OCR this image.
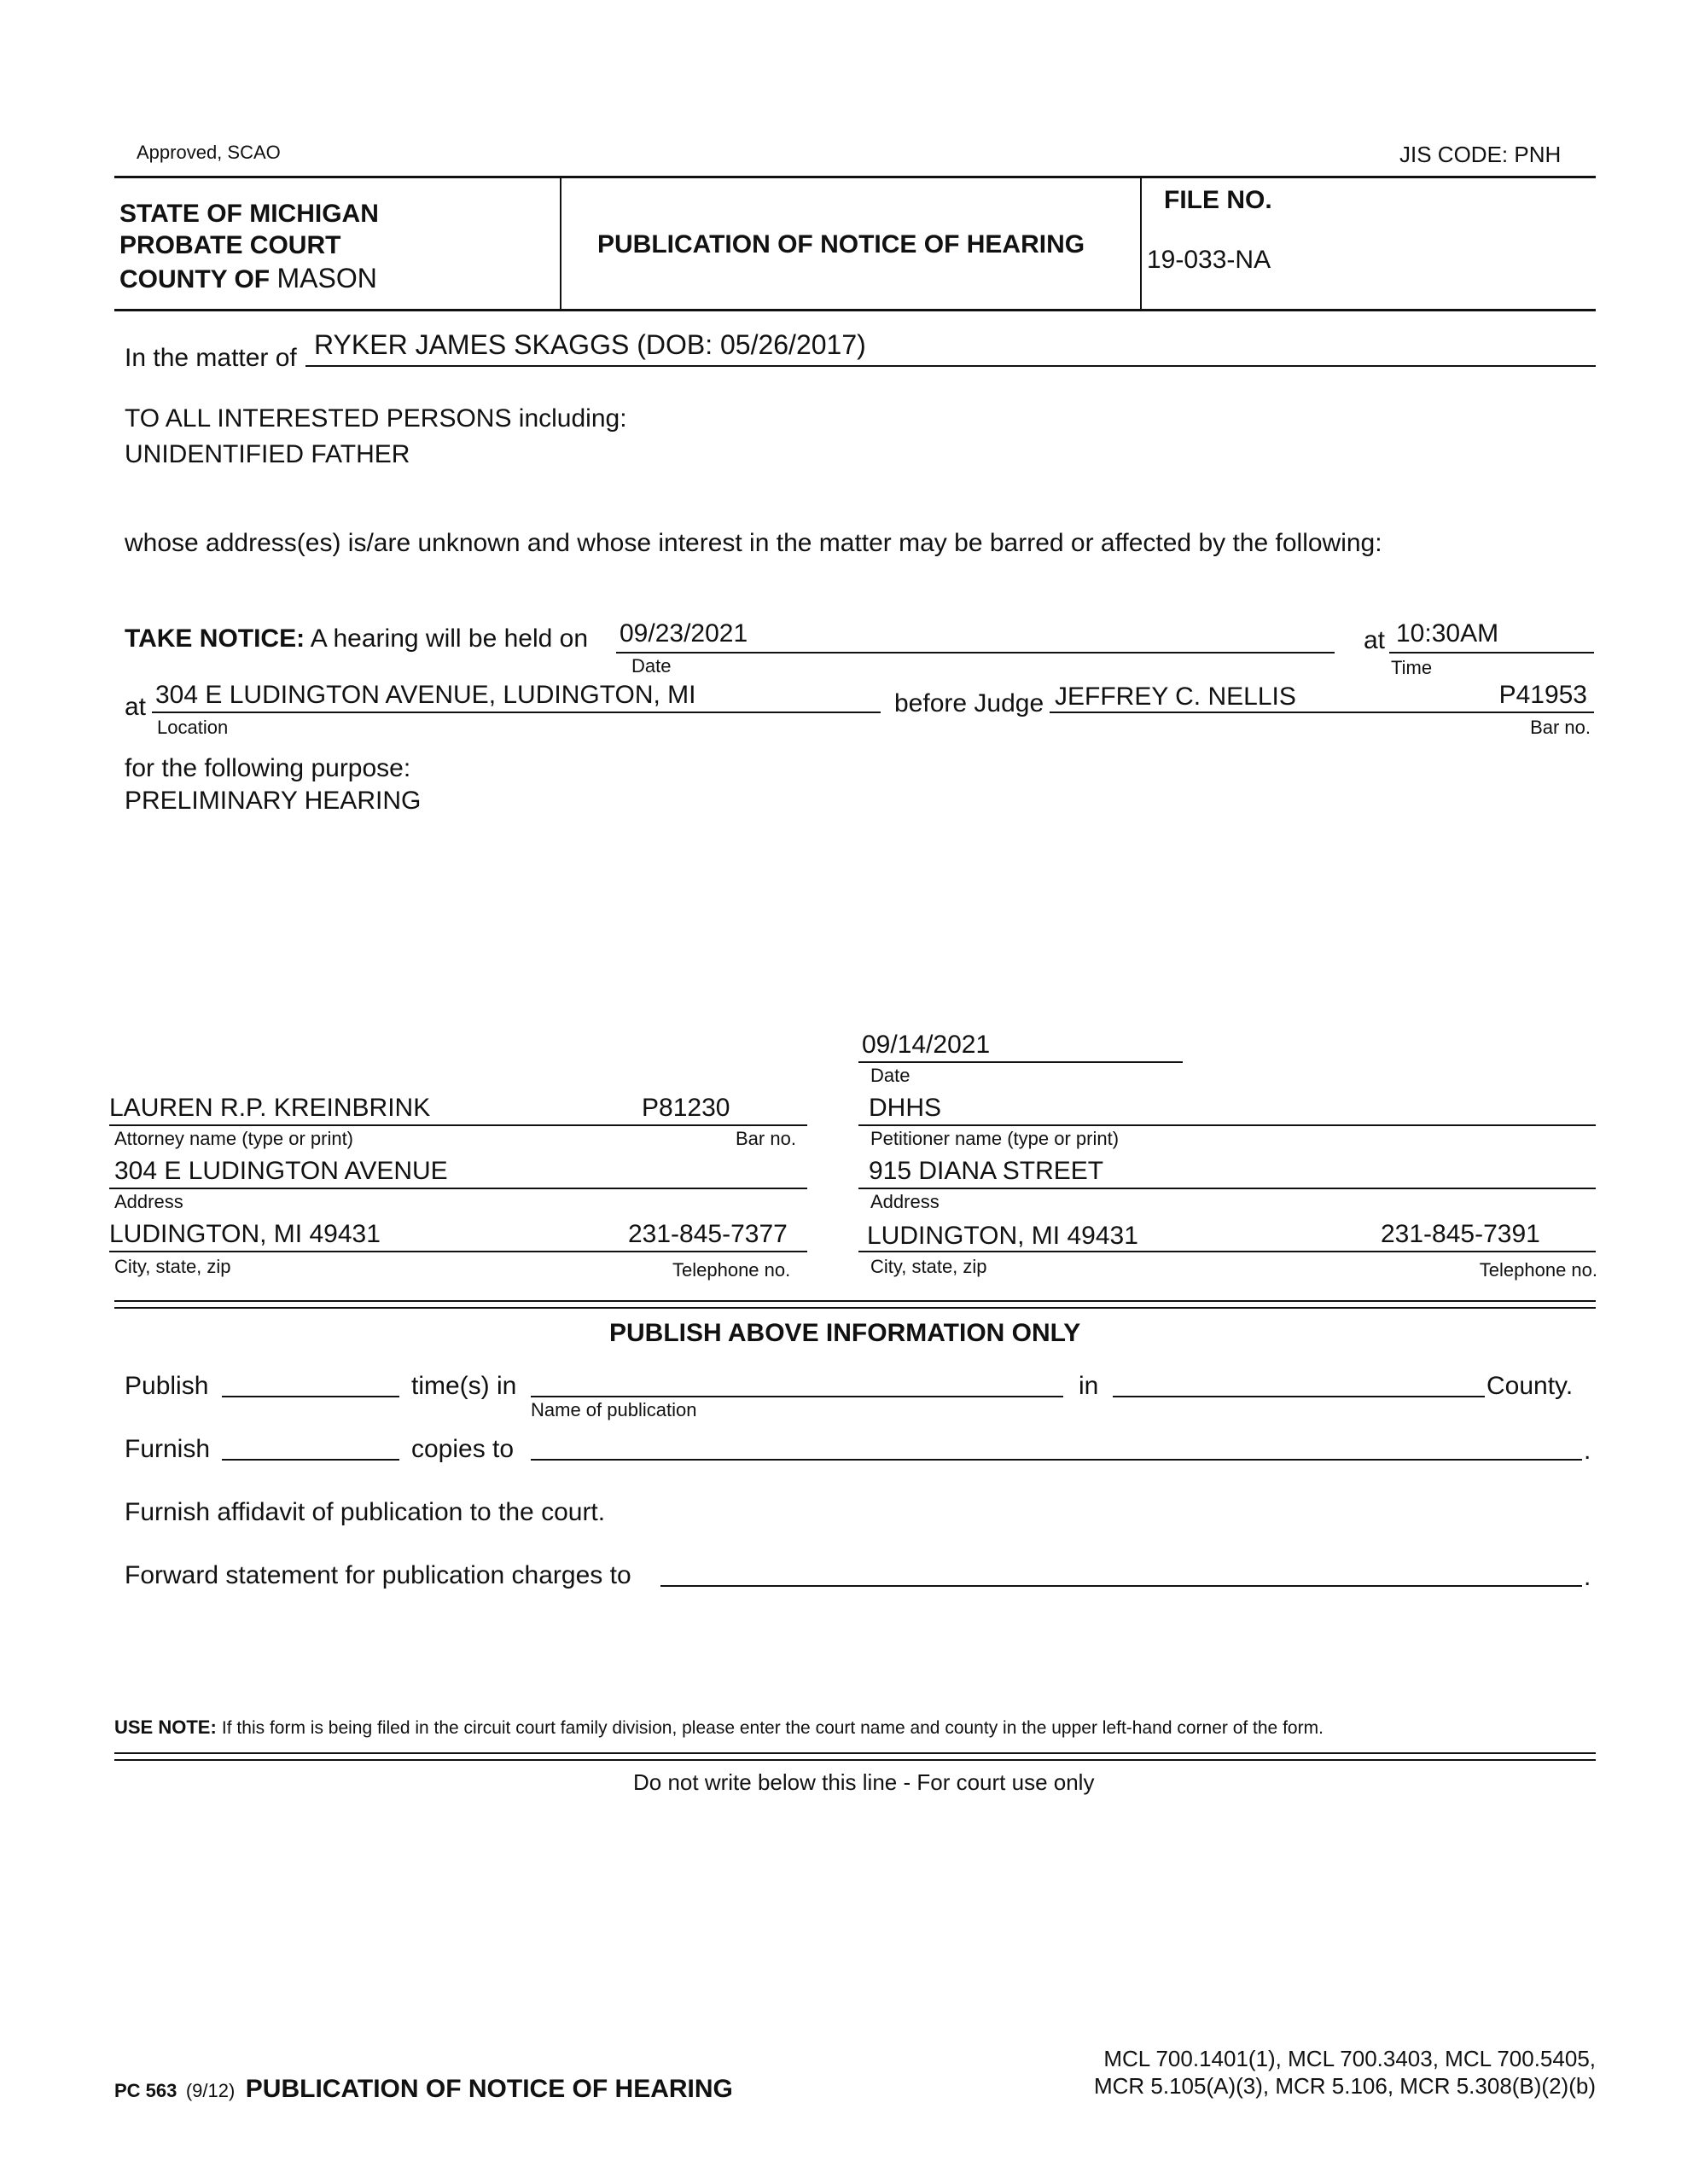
Approved, SCAO	JIS CODE: PNH
STATE OF MICHIGAN
PROBATE COURT
COUNTY OF MASON
PUBLICATION OF NOTICE OF HEARING
FILE NO.
19-033-NA
In the matter of RYKER JAMES SKAGGS (DOB: 05/26/2017)
TO ALL INTERESTED PERSONS including:
UNIDENTIFIED FATHER
whose address(es) is/are unknown and whose interest in the matter may be barred or affected by the following:
TAKE NOTICE: A hearing will be held on 09/23/2021
Date
at 10:30AM
Time
at 304 E LUDINGTON AVENUE, LUDINGTON, MI
Location
before Judge JEFFREY C. NELLIS	P41953
Bar no.
for the following purpose:
PRELIMINARY HEARING
09/14/2021
Date
LAUREN R.P. KREINBRINK	P81230
Attorney name (type or print)	Bar no.
304 E LUDINGTON AVENUE
Address
LUDINGTON, MI 49431	231-845-7377
City, state, zip	Telephone no.
DHHS
Petitioner name (type or print)
915 DIANA STREET
Address
LUDINGTON, MI 49431	231-845-7391
City, state, zip	Telephone no.
PUBLISH ABOVE INFORMATION ONLY
Publish	time(s) in
Name of publication
in	County.
Furnish	copies to	.
Furnish affidavit of publication to the court.
Forward statement for publication charges to	.
USE NOTE: If this form is being filed in the circuit court family division, please enter the court name and county in the upper left-hand corner of the form.
Do not write below this line - For court use only
PC 563 (9/12) PUBLICATION OF NOTICE OF HEARING
MCL 700.1401(1), MCL 700.3403, MCL 700.5405,
MCR 5.105(A)(3), MCR 5.106, MCR 5.308(B)(2)(b)
